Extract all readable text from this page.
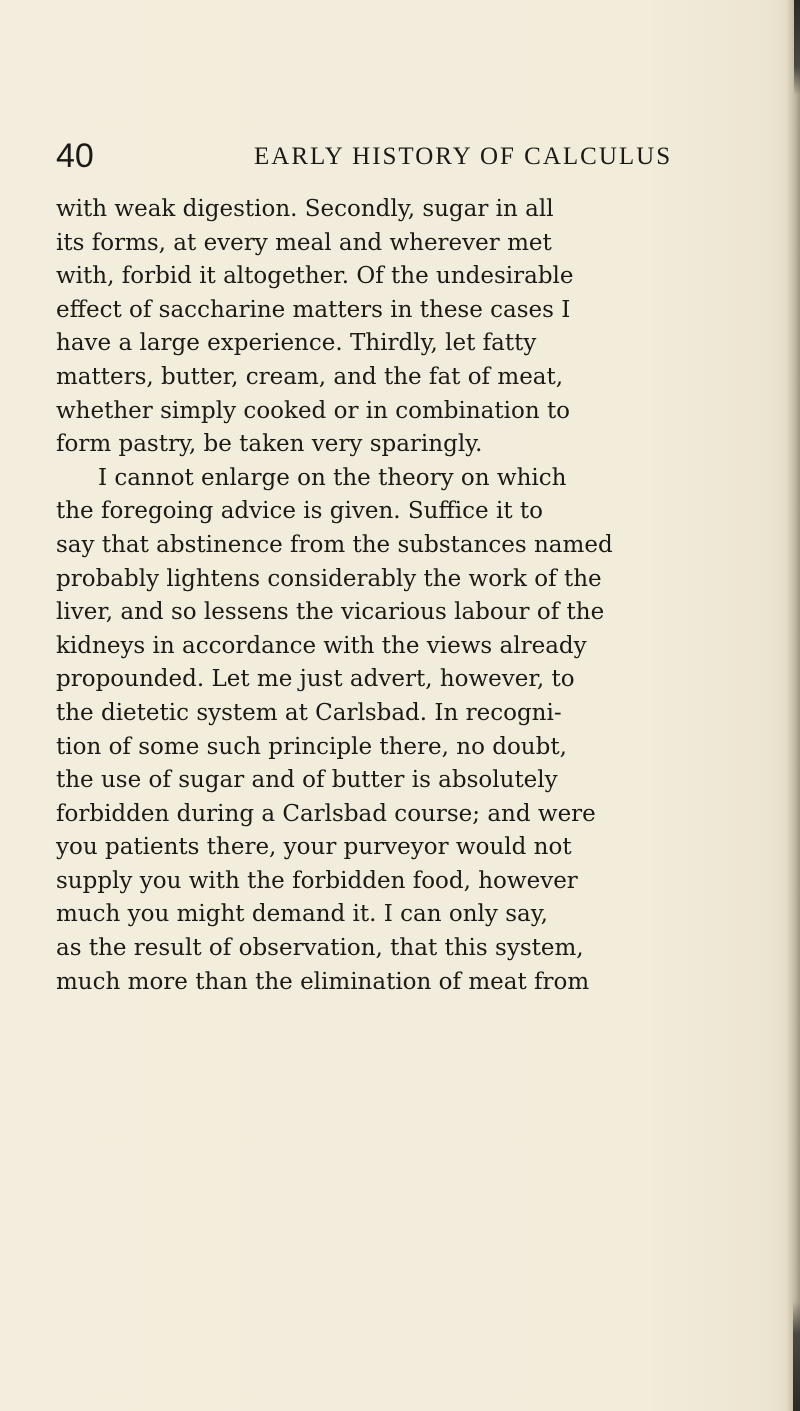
40	EARLY HISTORY OF CALCULUS
with weak digestion. Secondly, sugar in all
its forms, at every meal and wherever met
with, forbid it altogether. Of the undesirable
effect of saccharine matters in these cases I
have a large experience. Thirdly, let fatty
matters, butter, cream, and the fat of meat,
whether simply cooked or in combination to
form pastry, be taken very sparingly.
I cannot enlarge on the theory on which
the foregoing advice is given. Suffice it to
say that abstinence from the substances named
probably lightens considerably the work of the
liver, and so lessens the vicarious labour of the
kidneys in accordance with the views already
propounded. Let me just advert, however, to
the dietetic system at Carlsbad. In recogni-
tion of some such principle there, no doubt,
the use of sugar and of butter is absolutely
forbidden during a Carlsbad course; and were
you patients there, your purveyor would not
supply you with the forbidden food, however
much you might demand it. I can only say,
as the result of observation, that this system,
much more than the elimination of meat from
